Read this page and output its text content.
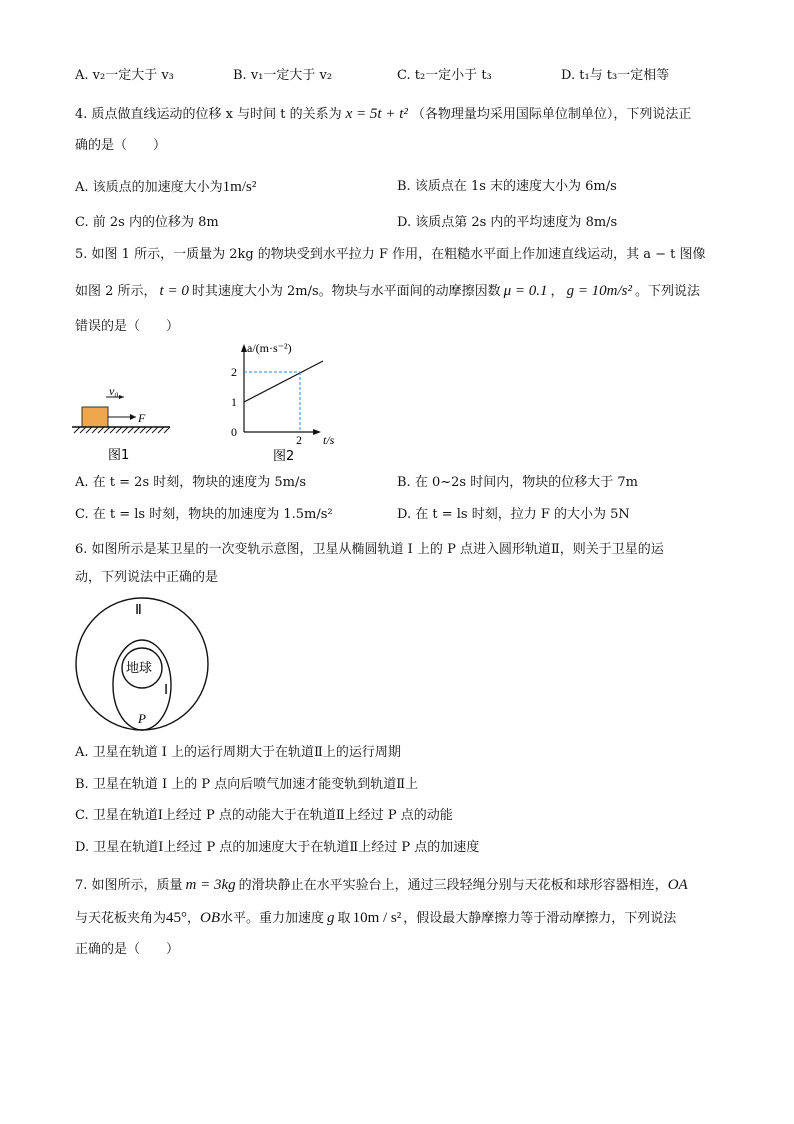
A. v₂一定大于 v₃	B. v₁一定大于 v₂	C. t₂一定小于 t₃	D. t₁与 t₃一定相等
4. 质点做直线运动的位移 x 与时间 t 的关系为 x = 5t + t² （各物理量均采用国际单位制单位），下列说法正
确的是（　　）
A. 该质点的加速度大小为1m/s²	B. 该质点在 1s 末的速度大小为 6m/s
C. 前 2s 内的位移为 8m	D. 该质点第 2s 内的平均速度为 8m/s
5. 如图 1 所示，一质量为 2kg 的物块受到水平拉力 F 作用，在粗糙水平面上作加速直线运动，其 a − t 图像
如图 2 所示， t = 0 时其速度大小为 2m/s。物块与水平面间的动摩擦因数 μ = 0.1 ， g = 10m/s² 。下列说法
错误的是（　　）
v₀
F
图1
a/(m·s⁻²)
t/s
2
1
0
2
图2
A. 在 t = 2s 时刻，物块的速度为 5m/s	B. 在 0~2s 时间内，物块的位移大于 7m
C. 在 t = ls 时刻，物块的加速度为 1.5m/s²	D. 在 t = ls 时刻，拉力 F 的大小为 5N
6. 如图所示是某卫星的一次变轨示意图，卫星从椭圆轨道 Ⅰ 上的 P 点进入圆形轨道Ⅱ，则关于卫星的运
动，下列说法中正确的是
Ⅱ
Ⅰ
地球
P
A. 卫星在轨道 Ⅰ 上的运行周期大于在轨道Ⅱ上的运行周期
B. 卫星在轨道 Ⅰ 上的 P 点向后喷气加速才能变轨到轨道Ⅱ上
C. 卫星在轨道Ⅰ上经过 P 点的动能大于在轨道Ⅱ上经过 P 点的动能
D. 卫星在轨道Ⅰ上经过 P 点的加速度大于在轨道Ⅱ上经过 P 点的加速度
7. 如图所示，质量 m = 3kg 的滑块静止在水平实验台上，通过三段轻绳分别与天花板和球形容器相连，OA
与天花板夹角为45°，OB水平。重力加速度 g 取 10m / s² ，假设最大静摩擦力等于滑动摩擦力，下列说法
正确的是（　　）
